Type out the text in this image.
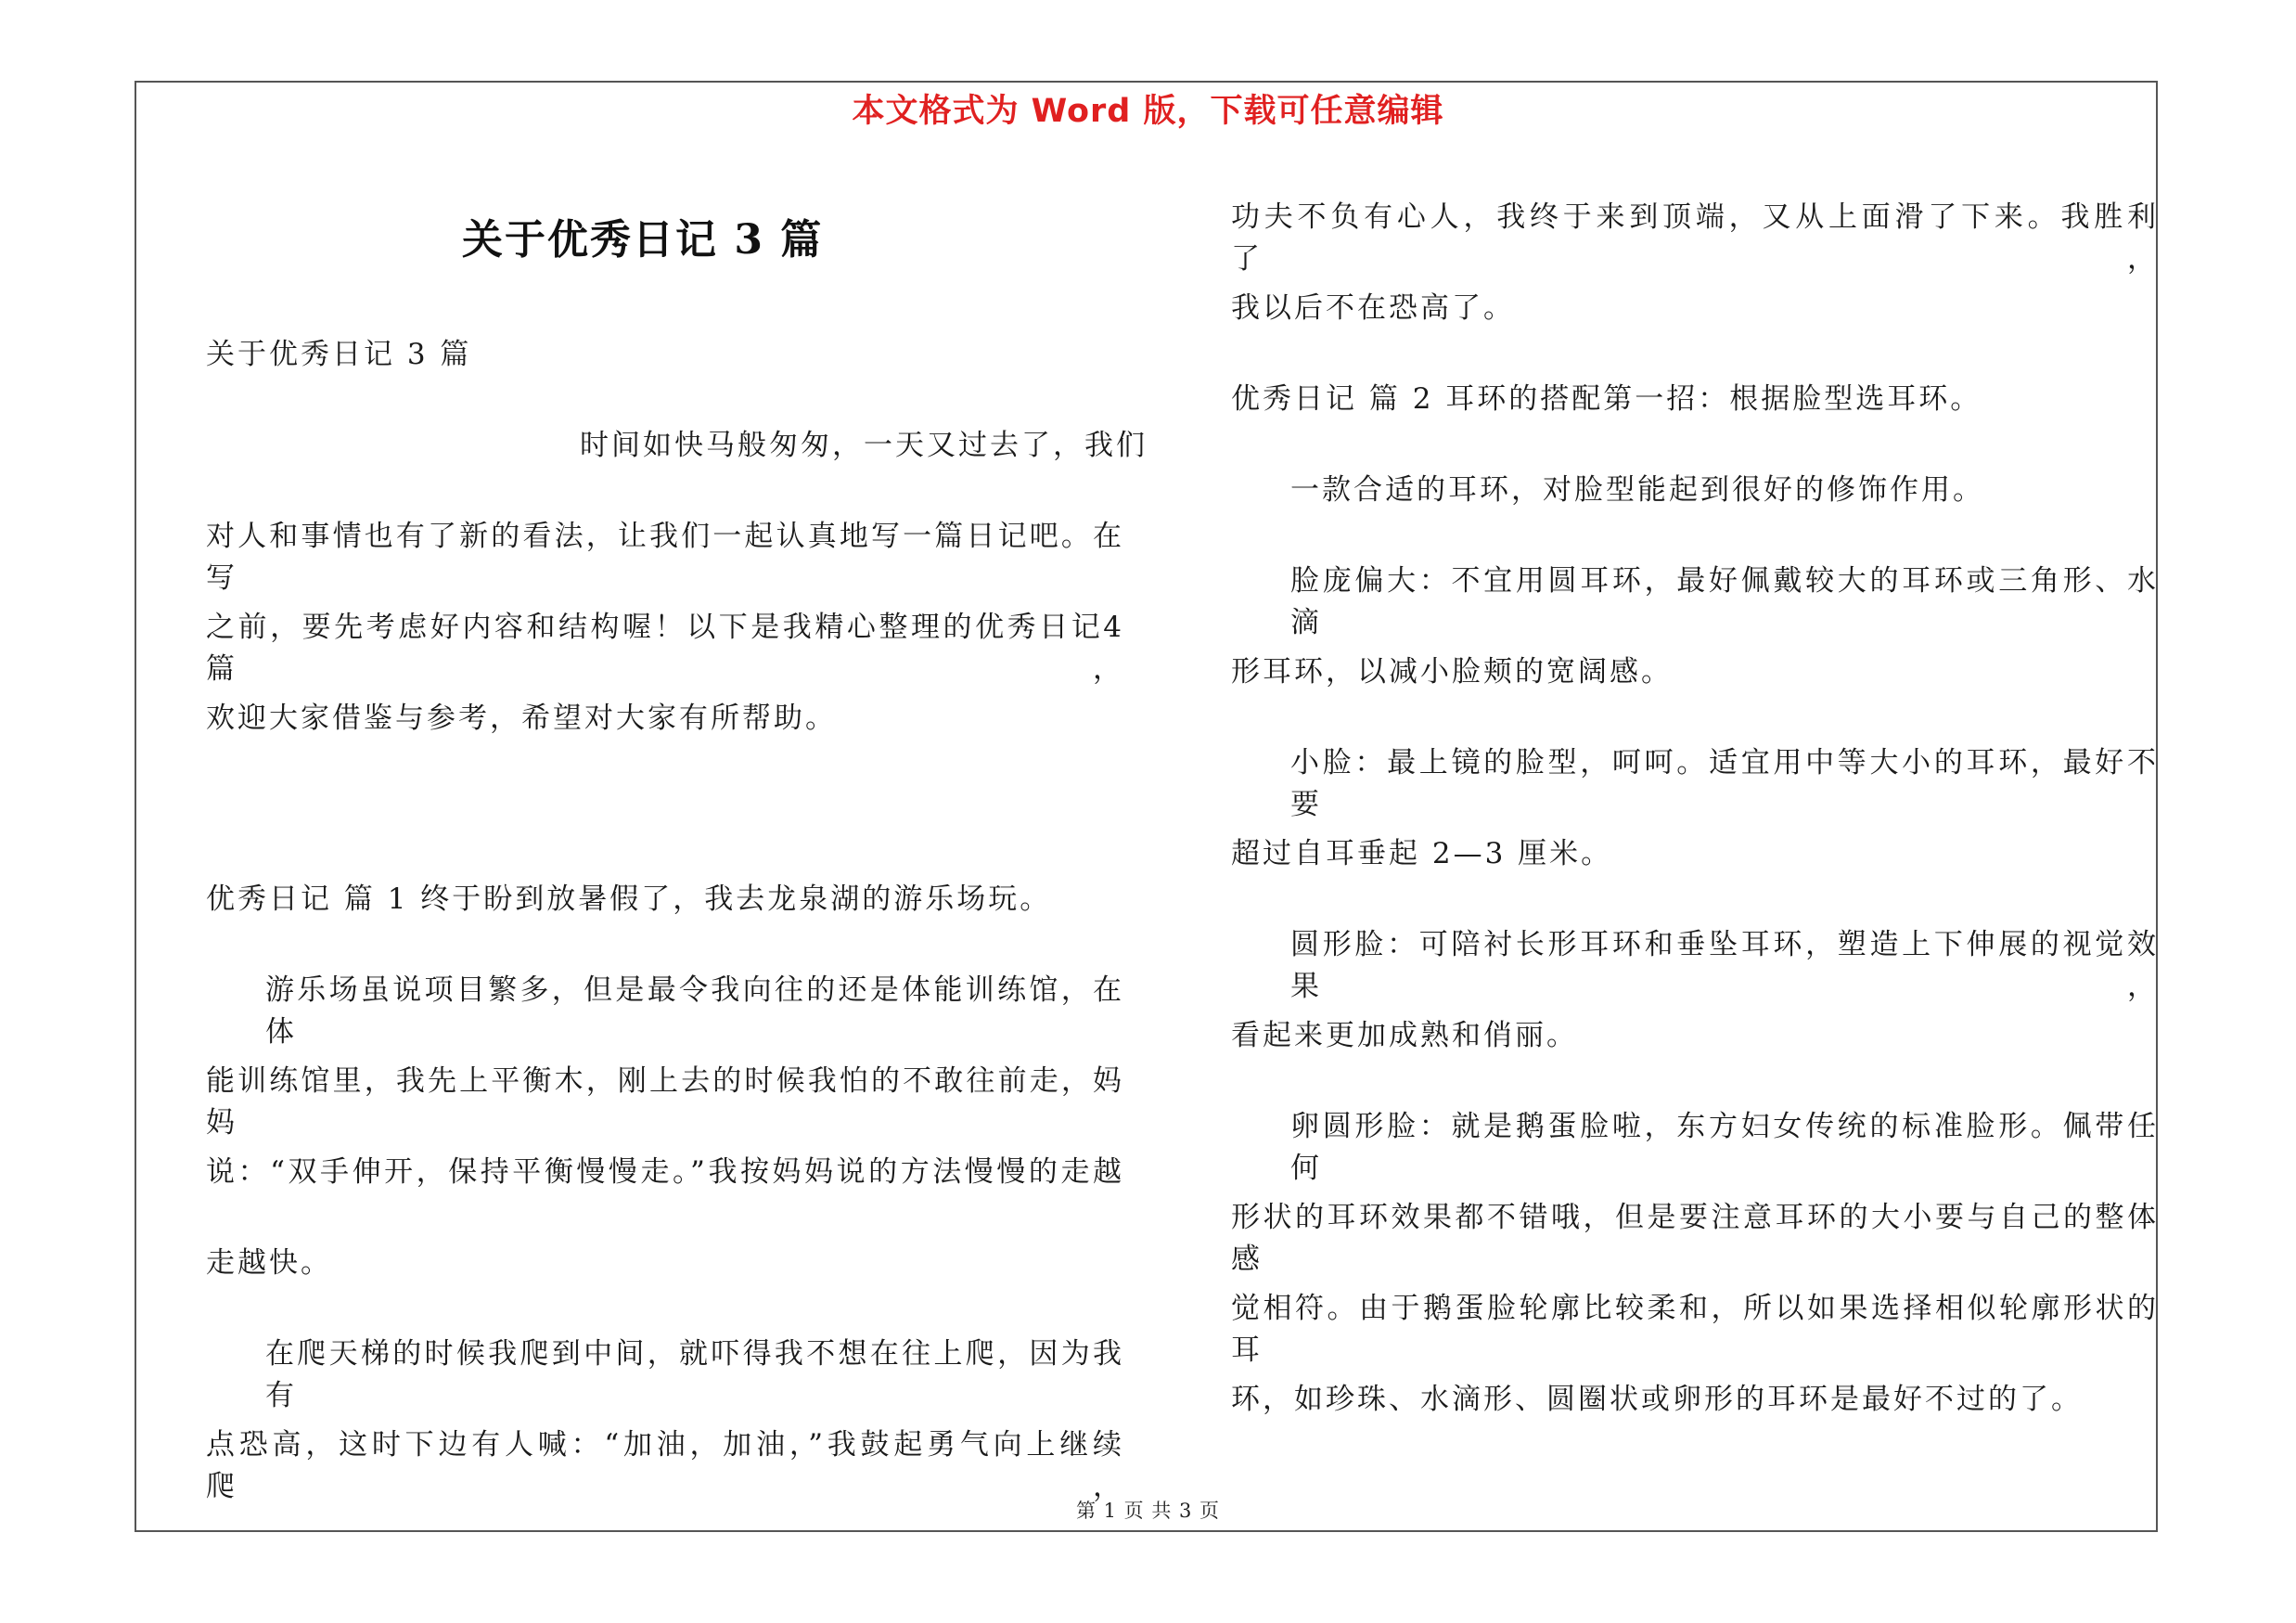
本文格式为 Word 版，下载可任意编辑
关于优秀日记 3 篇
关于优秀日记 3 篇
时间如快马般匆匆，一天又过去了，我们
对人和事情也有了新的看法，让我们一起认真地写一篇日记吧。在写
之前，要先考虑好内容和结构喔！以下是我精心整理的优秀日记4篇，
欢迎大家借鉴与参考，希望对大家有所帮助。
优秀日记 篇 1 终于盼到放暑假了，我去龙泉湖的游乐场玩。
游乐场虽说项目繁多，但是最令我向往的还是体能训练馆，在体
能训练馆里，我先上平衡木，刚上去的时候我怕的不敢往前走，妈妈
说：“双手伸开，保持平衡慢慢走。”我按妈妈说的方法慢慢的走越
走越快。
在爬天梯的时候我爬到中间，就吓得我不想在往上爬，因为我有
点恐高，这时下边有人喊：“加油，加油，”我鼓起勇气向上继续爬，
功夫不负有心人，我终于来到顶端，又从上面滑了下来。我胜利了，
我以后不在恐高了。
优秀日记 篇 2 耳环的搭配第一招：根据脸型选耳环。
一款合适的耳环，对脸型能起到很好的修饰作用。
脸庞偏大：不宜用圆耳环，最好佩戴较大的耳环或三角形、水滴
形耳环，以减小脸颊的宽阔感。
小脸：最上镜的脸型，呵呵。适宜用中等大小的耳环，最好不要
超过自耳垂起 2—3 厘米。
圆形脸：可陪衬长形耳环和垂坠耳环，塑造上下伸展的视觉效果，
看起来更加成熟和俏丽。
卵圆形脸：就是鹅蛋脸啦，东方妇女传统的标准脸形。佩带任何
形状的耳环效果都不错哦，但是要注意耳环的大小要与自己的整体感
觉相符。由于鹅蛋脸轮廓比较柔和，所以如果选择相似轮廓形状的耳
环，如珍珠、水滴形、圆圈状或卵形的耳环是最好不过的了。
第 1 页 共 3 页
